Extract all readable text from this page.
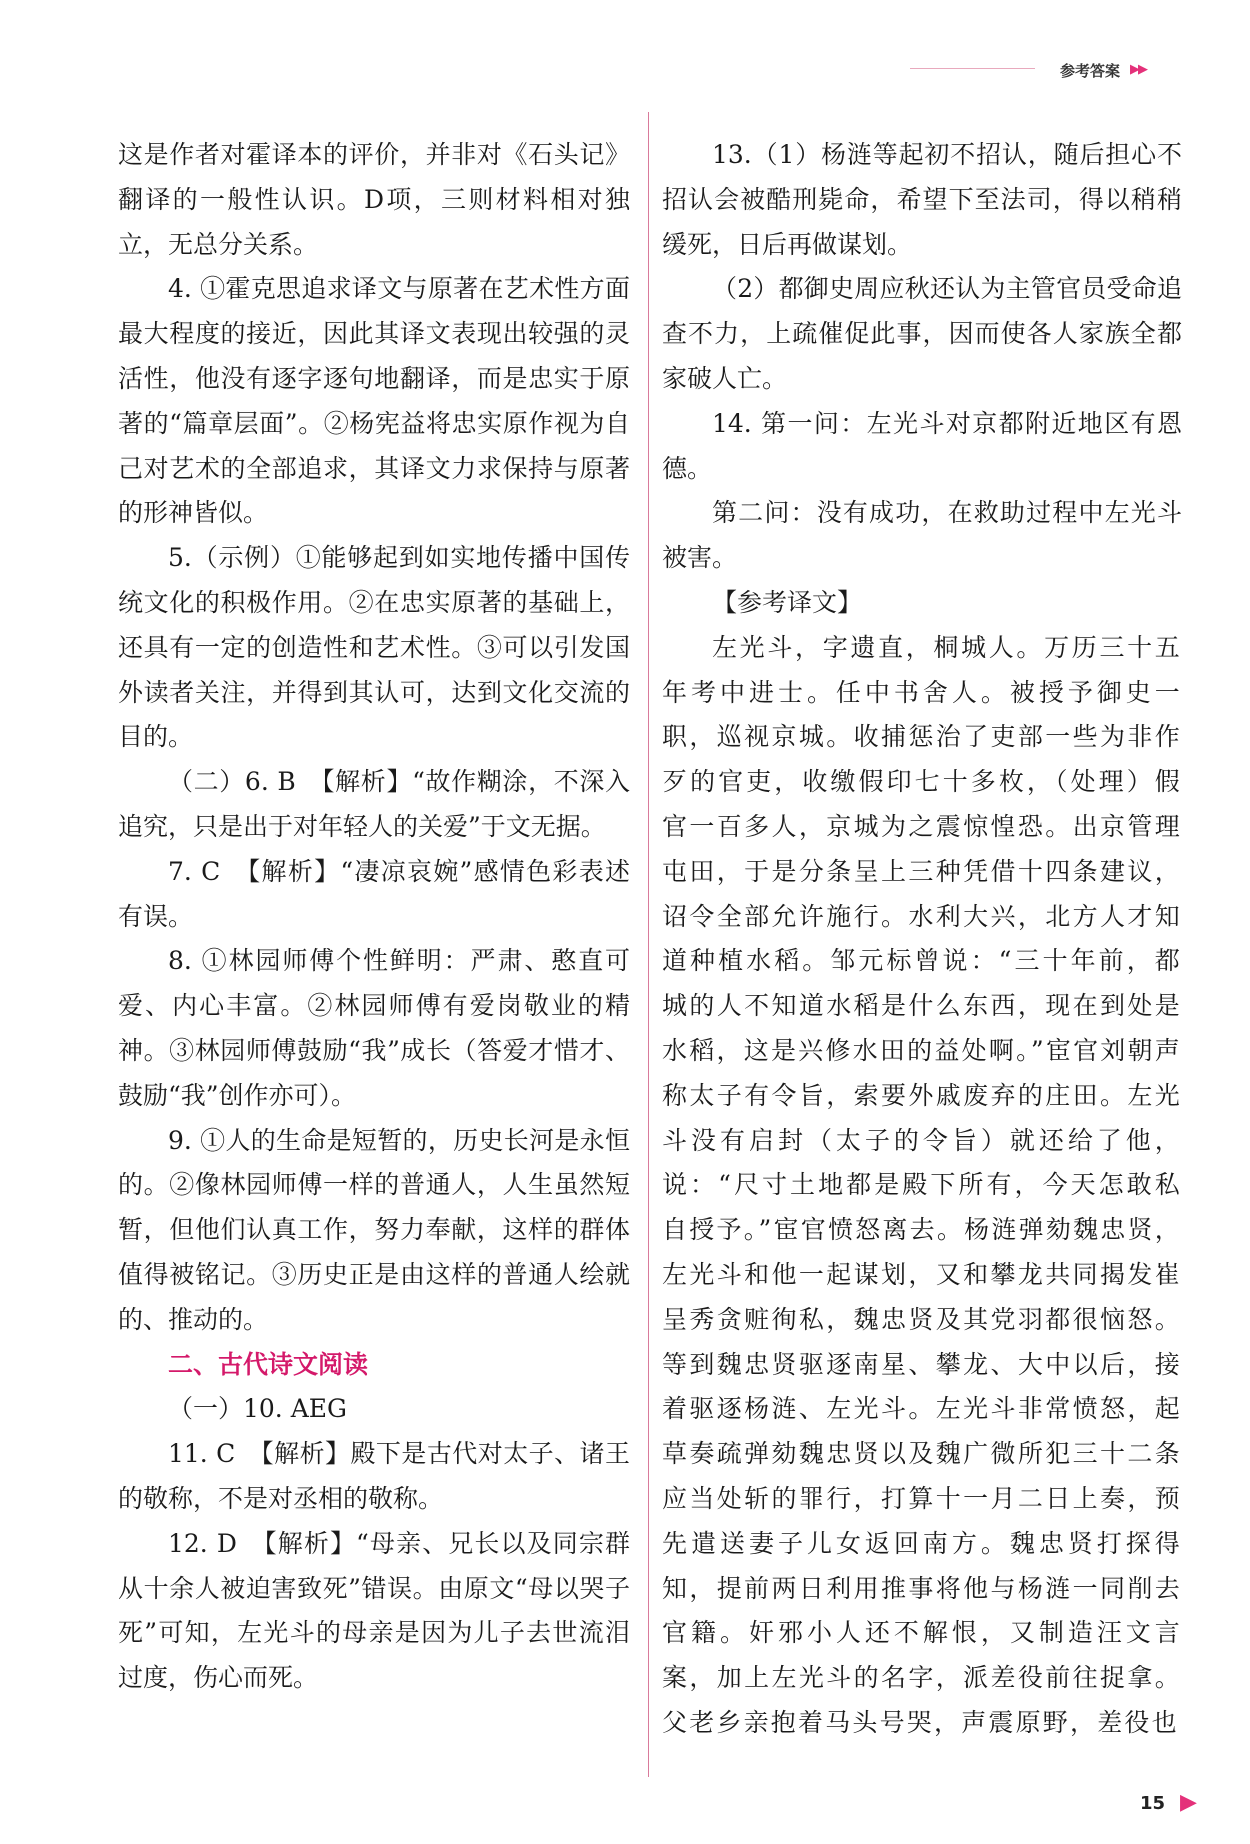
参考答案 ▶▶

这是作者对霍译本的评价，并非对《石头记》翻译的一般性认识。D项，三则材料相对独立，无总分关系。

4. ①霍克思追求译文与原著在艺术性方面最大程度的接近，因此其译文表现出较强的灵活性，他没有逐字逐句地翻译，而是忠实于原著的“篇章层面”。②杨宪益将忠实原作视为自己对艺术的全部追求，其译文力求保持与原著的形神皆似。

5.（示例）①能够起到如实地传播中国传统文化的积极作用。②在忠实原著的基础上，还具有一定的创造性和艺术性。③可以引发国外读者关注，并得到其认可，达到文化交流的目的。

（二）6. B　【解析】“故作糊涂，不深入追究，只是出于对年轻人的关爱”于文无据。

7. C　【解析】“凄凉哀婉”感情色彩表述有误。

8. ①林园师傅个性鲜明：严肃、憨直可爱、内心丰富。②林园师傅有爱岗敬业的精神。③林园师傅鼓励“我”成长（答爱才惜才、鼓励“我”创作亦可）。

9. ①人的生命是短暂的，历史长河是永恒的。②像林园师傅一样的普通人，人生虽然短暂，但他们认真工作，努力奉献，这样的群体值得被铭记。③历史正是由这样的普通人绘就的、推动的。

二、古代诗文阅读

（一）10. AEG

11. C　【解析】殿下是古代对太子、诸王的敬称，不是对丞相的敬称。

12. D　【解析】“母亲、兄长以及同宗群从十余人被迫害致死”错误。由原文“母以哭子死”可知，左光斗的母亲是因为儿子去世流泪过度，伤心而死。

13.（1）杨涟等起初不招认，随后担心不招认会被酷刑毙命，希望下至法司，得以稍稍缓死，日后再做谋划。

（2）都御史周应秋还认为主管官员受命追查不力，上疏催促此事，因而使各人家族全都家破人亡。

14. 第一问：左光斗对京都附近地区有恩德。

第二问：没有成功，在救助过程中左光斗被害。

【参考译文】

左光斗，字遗直，桐城人。万历三十五年考中进士。任中书舍人。被授予御史一职，巡视京城。收捕惩治了吏部一些为非作歹的官吏，收缴假印七十多枚，（处理）假官一百多人，京城为之震惊惶恐。出京管理屯田，于是分条呈上三种凭借十四条建议，诏令全部允许施行。水利大兴，北方人才知道种植水稻。邹元标曾说：“三十年前，都城的人不知道水稻是什么东西，现在到处是水稻，这是兴修水田的益处啊。”宦官刘朝声称太子有令旨，索要外戚废弃的庄田。左光斗没有启封（太子的令旨）就还给了他，说：“尺寸土地都是殿下所有，今天怎敢私自授予。”宦官愤怒离去。杨涟弹劾魏忠贤，左光斗和他一起谋划，又和攀龙共同揭发崔呈秀贪赃徇私，魏忠贤及其党羽都很恼怒。等到魏忠贤驱逐南星、攀龙、大中以后，接着驱逐杨涟、左光斗。左光斗非常愤怒，起草奏疏弹劾魏忠贤以及魏广微所犯三十二条应当处斩的罪行，打算十一月二日上奏，预先遣送妻子儿女返回南方。魏忠贤打探得知，提前两日利用推事将他与杨涟一同削去官籍。奸邪小人还不解恨，又制造汪文言案，加上左光斗的名字，派差役前往捉拿。父老乡亲抱着马头号哭，声震原野，差役也

15 ▶
